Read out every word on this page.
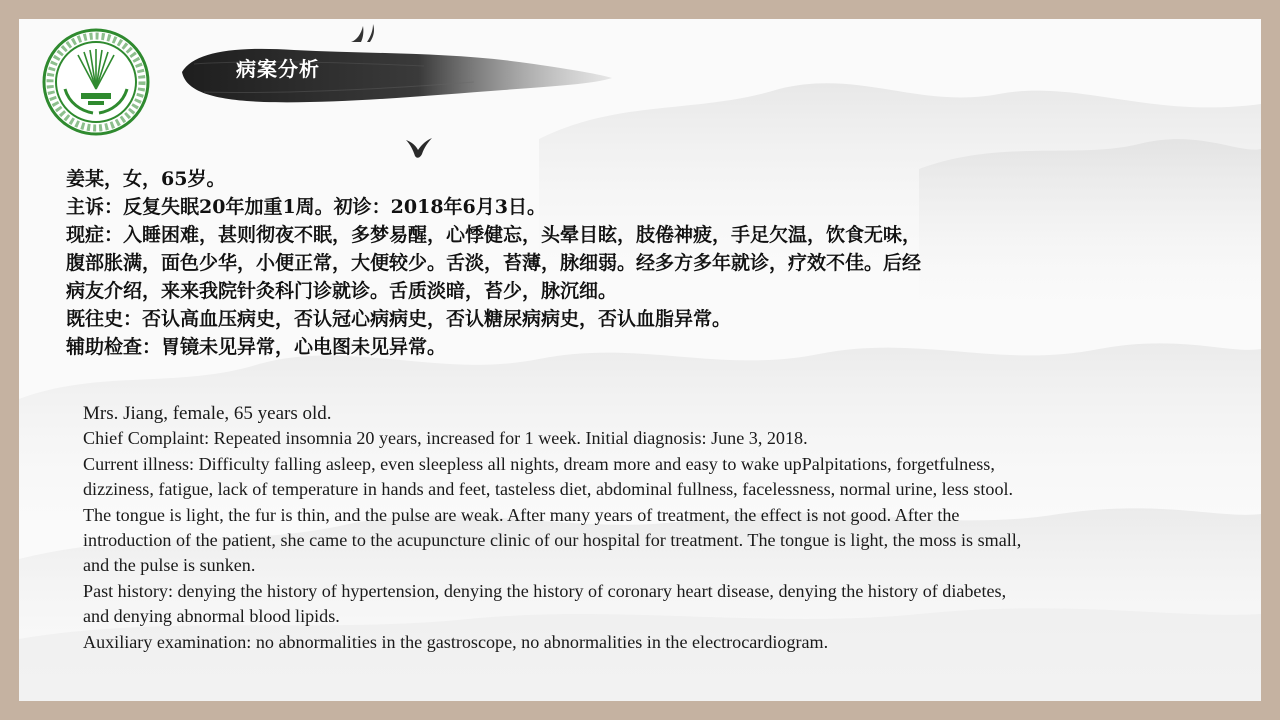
病案分析

姜某，女，65岁。

主诉：反复失眠20年加重1周。初诊：2018年6月3日。

现症：入睡困难，甚则彻夜不眠，多梦易醒，心悸健忘，头晕目眩，肢倦神疲，手足欠温，饮食无味，

腹部胀满，面色少华，小便正常，大便较少。舌淡，苔薄，脉细弱。经多方多年就诊，疗效不佳。后经

病友介绍，来来我院针灸科门诊就诊。舌质淡暗，苔少，脉沉细。

既往史：否认高血压病史，否认冠心病病史，否认糖尿病病史，否认血脂异常。

辅助检查：胃镜未见异常，心电图未见异常。

Mrs. Jiang, female, 65 years old.

Chief Complaint: Repeated insomnia 20 years, increased for 1 week. Initial diagnosis: June 3, 2018.

Current illness: Difficulty falling asleep, even sleepless all nights, dream more and easy to wake upPalpitations, forgetfulness,

dizziness, fatigue, lack of temperature in hands and feet, tasteless diet, abdominal fullness, facelessness, normal urine, less stool.

The tongue is light, the fur is thin, and the pulse are weak. After many years of treatment, the effect is not good. After the

introduction of the patient, she came to the acupuncture clinic of our hospital for treatment. The tongue is light, the moss is small,

and the pulse is sunken.

Past history: denying the history of hypertension, denying the history of coronary heart disease, denying the history of diabetes,

and denying abnormal blood lipids.

Auxiliary examination: no abnormalities in the gastroscope, no abnormalities in the electrocardiogram.
